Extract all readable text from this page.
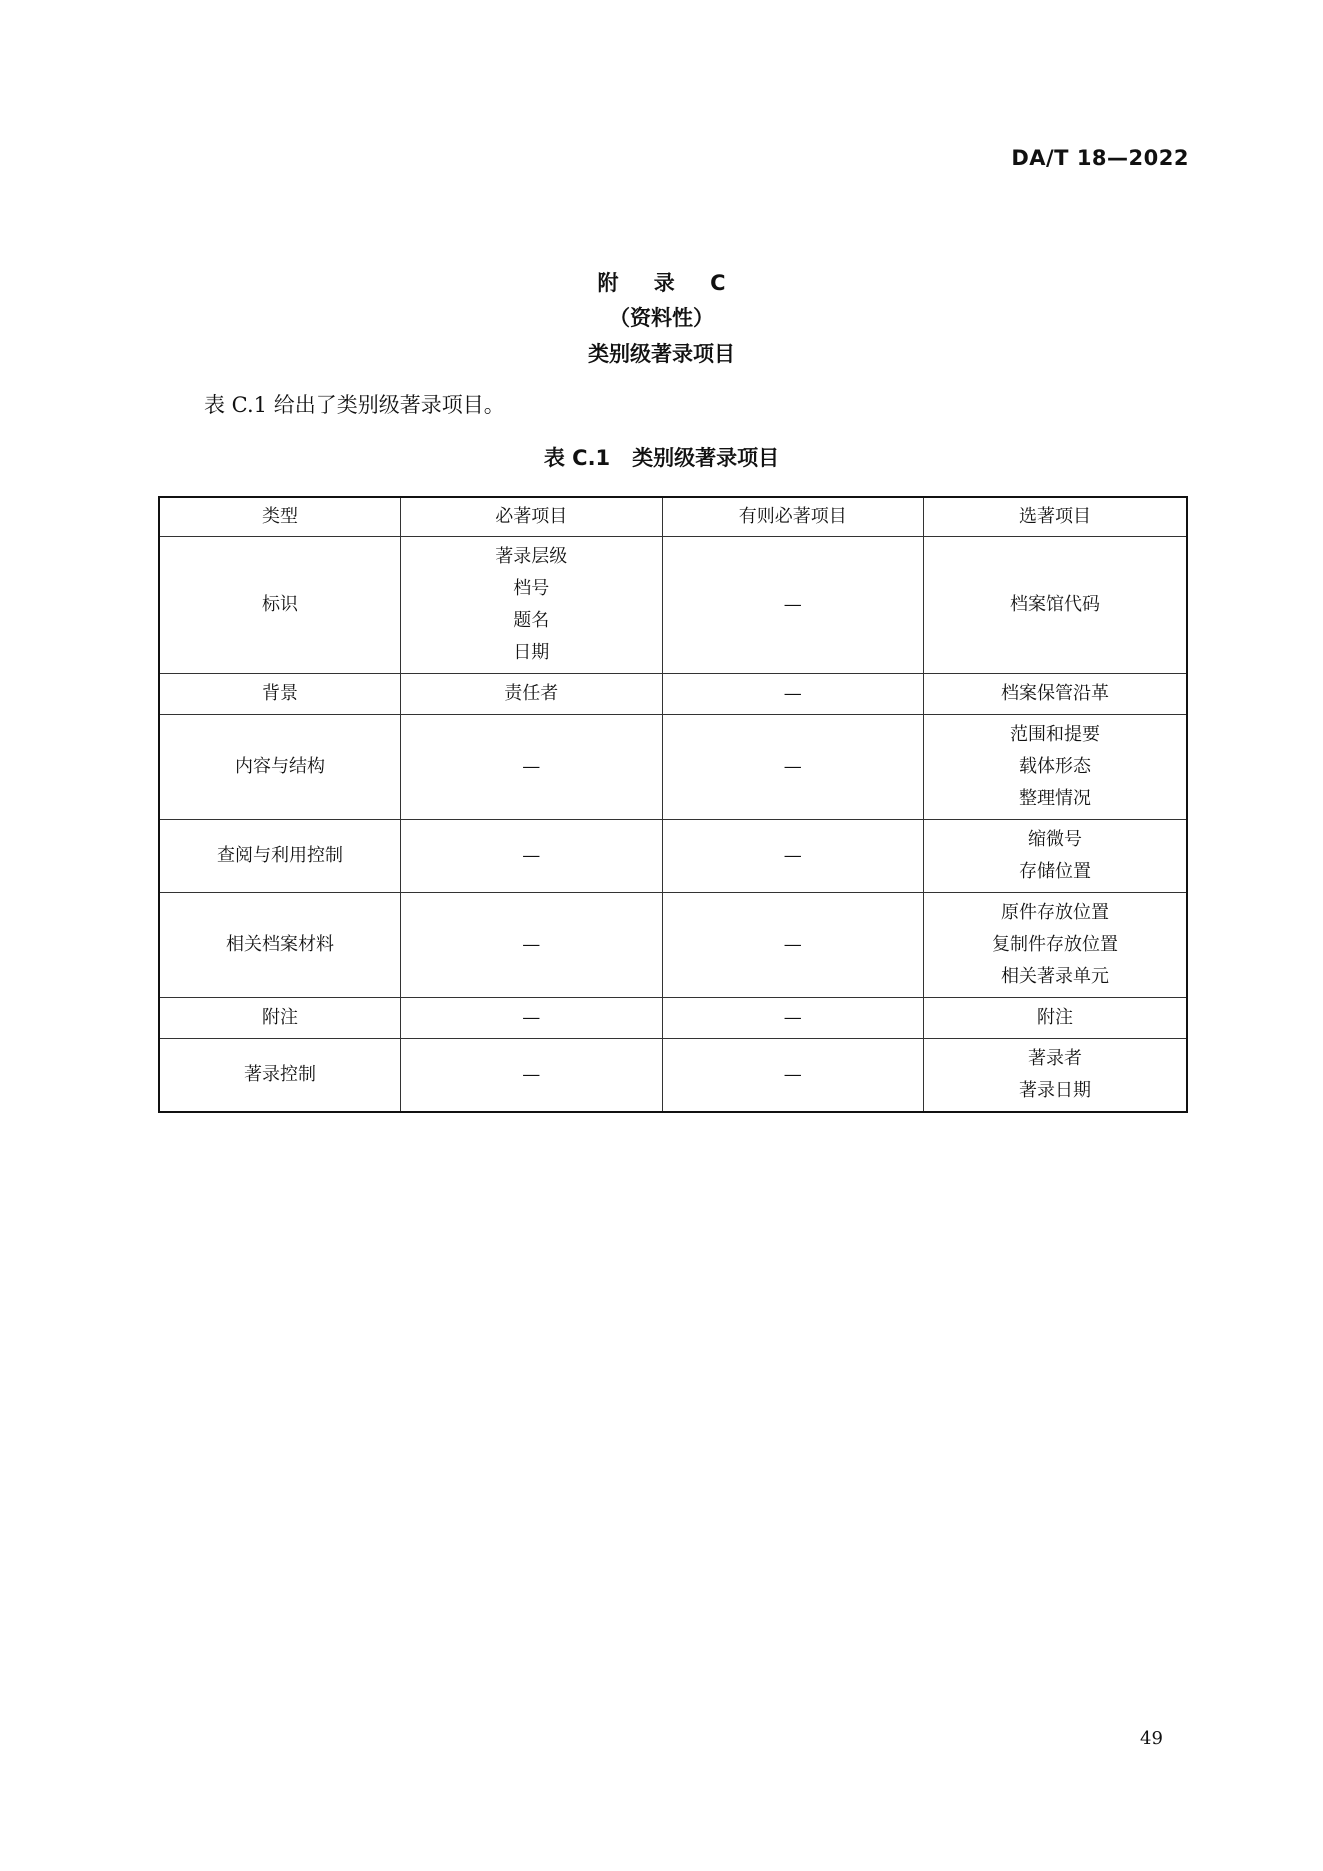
DA/T 18—2022
附 录 C
（资料性）
类别级著录项目
表 C.1 给出了类别级著录项目。
表 C.1 类别级著录项目
类型	必著项目	有则必著项目	选著项目
标识	著录层级
档号
题名
日期	—	档案馆代码

背景	责任者	—	档案保管沿革

内容与结构	—	—	范围和提要
载体形态
整理情况

查阅与利用控制	—	—	缩微号
存储位置

相关档案材料	—	—	原件存放位置
复制件存放位置
相关著录单元

附注	—	—	附注

著录控制	—	—	著录者
著录日期
49
